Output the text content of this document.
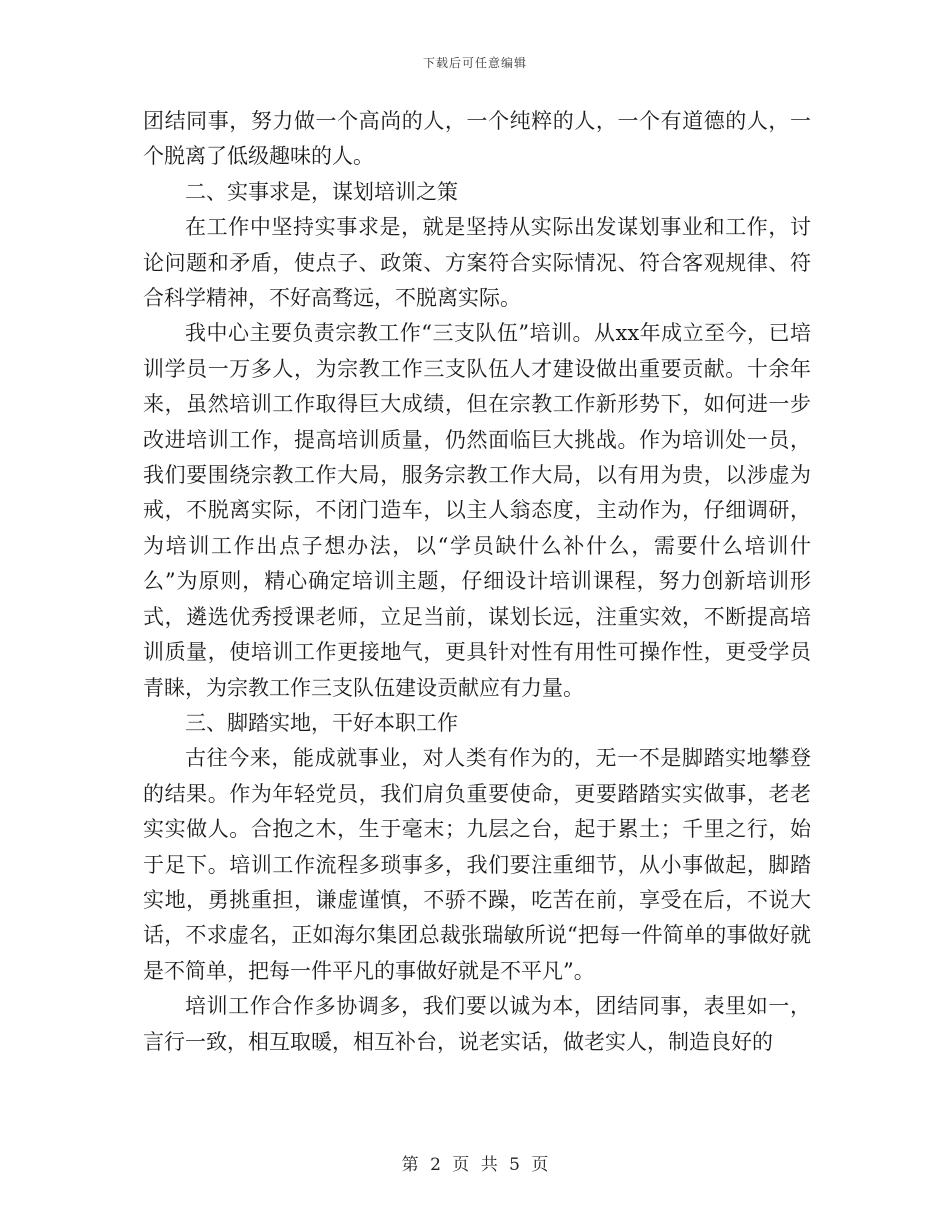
下载后可任意编辑

团结同事，努力做一个高尚的人，一个纯粹的人，一个有道德的人，一个脱离了低级趣味的人。

二、实事求是，谋划培训之策

在工作中坚持实事求是，就是坚持从实际出发谋划事业和工作，讨论问题和矛盾，使点子、政策、方案符合实际情况、符合客观规律、符合科学精神，不好高骛远，不脱离实际。

我中心主要负责宗教工作“三支队伍”培训。从xx年成立至今，已培训学员一万多人，为宗教工作三支队伍人才建设做出重要贡献。十余年来，虽然培训工作取得巨大成绩，但在宗教工作新形势下，如何进一步改进培训工作，提高培训质量，仍然面临巨大挑战。作为培训处一员，我们要围绕宗教工作大局，服务宗教工作大局，以有用为贵，以涉虚为戒，不脱离实际，不闭门造车，以主人翁态度，主动作为，仔细调研，为培训工作出点子想办法，以“学员缺什么补什么，需要什么培训什么”为原则，精心确定培训主题，仔细设计培训课程，努力创新培训形式，遴选优秀授课老师，立足当前，谋划长远，注重实效，不断提高培训质量，使培训工作更接地气，更具针对性有用性可操作性，更受学员青睐，为宗教工作三支队伍建设贡献应有力量。

三、脚踏实地，干好本职工作

古往今来，能成就事业，对人类有作为的，无一不是脚踏实地攀登的结果。作为年轻党员，我们肩负重要使命，更要踏踏实实做事，老老实实做人。合抱之木，生于毫末；九层之台，起于累土；千里之行，始于足下。培训工作流程多琐事多，我们要注重细节，从小事做起，脚踏实地，勇挑重担，谦虚谨慎，不骄不躁，吃苦在前，享受在后，不说大话，不求虚名，正如海尔集团总裁张瑞敏所说“把每一件简单的事做好就是不简单，把每一件平凡的事做好就是不平凡”。

培训工作合作多协调多，我们要以诚为本，团结同事，表里如一，言行一致，相互取暖，相互补台，说老实话，做老实人，制造良好的

第 2 页 共 5 页
